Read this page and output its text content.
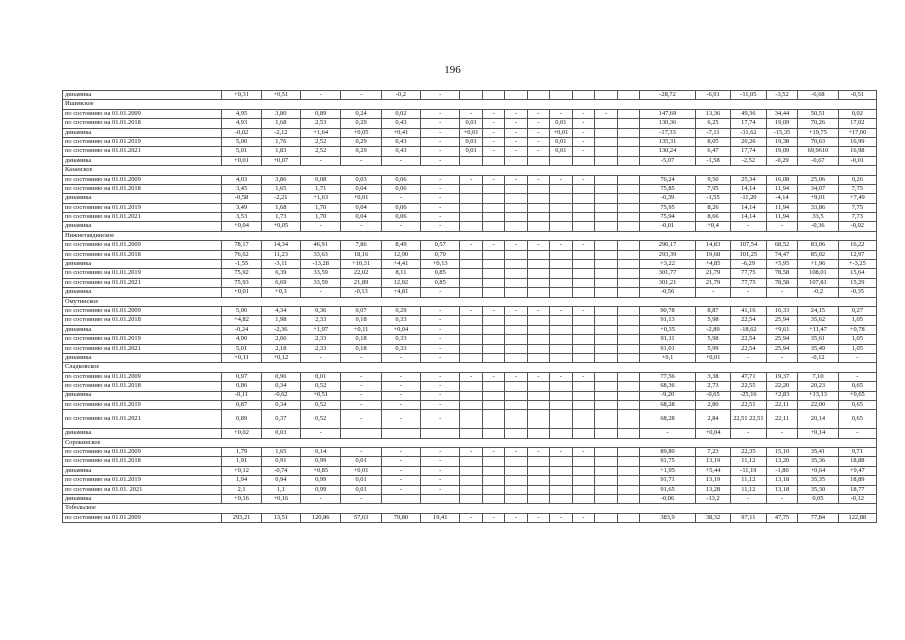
196
динамика	+0,31	+0,51	-	-	-0,2	-									-28,72	-6,91	-11,05	-3,52	-6,68	-0,51
Ишимское																				
по состоянию на 01.01.2009	4,95	3,80	0,89	0,24	0,02	-	-	-	-	-	-	-	-		147,69	13,36	49,36	34,44	50,51	0,02
по состоянию на 01.01.2018	4,93	1,68	2,53	0,29	0,43	-	0,01	-	-	-	0,01	-			130,36	6,25	17,74	19,09	70,26	17,02
динамика	-0,02	-2,12	+1,64	+0,05	+0,41	-	+0,01	-	-	-	+0,01	-			-17,33	-7,11	-31,62	-15,35	+19,75	+17,00
по состоянию на 01.01.2019	5,00	1,76	2,52	0,29	0,43	-	0,01	-	-	-	0,01	-			135,31	8,05	20,26	19,38	70,63	16,99
по состоянию на 01.01.2021	5,01	1,83	2,52	0,29	0,43	-	0,01	-	-	-	0,01	-			130,24	6,47	17,74	19,09	69,9610	16,98
динамика	+0,01	+0,07	-	-	-	-									-5,07	-1,58	-2,52	-0,29	-0,67	-0,01
Казанское																				
по состоянию на 01.01.2009	4,03	3,86	0,08	0,03	0,06	-	-	-	-	-	-	-			76,24	9,50	25,34	16,08	25,06	0,26
по состоянию на 01.01.2018	3,45	1,65	1,71	0,04	0,06	-									75,85	7,95	14,14	11,94	34,07	7,75
динамика	-0,58	-2,21	+1,63	+0,01	-	-									-0,39	-1,55	-11,20	-4,14	+9,01	+7,49
по состоянию на 01.01.2019	3,49	1,68	1,70	0,04	0,06	-									75,95	8,26	14,14	11,94	33,86	7,75
по состоянию на 01.01.2021	3,53	1,73	1,70	0,04	0,06	-									75,94	8,66	14,14	11,94	33,5	7,73
динамика	+0,04	+0,05	-	-	-	-									-0,01	+0,4	-	-	-0,36	-0,02
Нижнетавдинское																				
по состоянию на 01.01.2009	78,17	14,34	46,91	7,86	8,49	0,57	-	-	-	-	-	-			290,17	14,83	107,54	68,52	83,06	16,22
по состоянию на 01.01.2018	76,62	11,23	33,63	18,16	12,90	0,70									293,39	19,68	101,25	74,47	85,02	12,97
динамика	-1,55	-3,11	-13,28	+10,31	+4,41	+0,13									+3,22	+4,85	-6,29	+5,95	+1,96	+-3,25
по состоянию на 01.01.2019	75,92	6,39	33,59	22,02	8,11	0,85									301,77	21,79	77,75	78,58	108,01	15,64
по состоянию на 01.01.2021	75,93	6,69	33,59	21,89	12,92	0,85									301,21	21,79	77,75	78,58	107,81	15,29
динамика	+0,01	+0,3	-	-0,13	+4,81	-									-0,56	-	-	-	-0,2	-0,35
Омутинское																				
по состоянию на 01.01.2009	5,06	4,34	0,36	0,07	0,29	-	-	-	-	-	-	-			90,78	8,87	41,16	16,33	24,15	0,27
по состоянию на 01.01.2018	+4,82	1,98	2,33	0,18	0,33	-									91,13	5,98	22,54	25,94	35,62	1,05
динамика	-0,24	-2,36	+1,97	+0,11	+0,04	-									+0,35	-2,89	-18,62	+9,61	+11,47	+0,78
по состоянию на 01.01.2019	4,90	2,06	2,33	0,18	0,33	-									91,11	5,98	22,54	25,94	35,61	1,05
по состоянию на 01.01.2021	5,01	2,18	2,33	0,18	0,33	-									91,01	5,99	22,54	25,94	35,49	1,05
динамика	+0,11	+0,12	-	-	-	-									+0,1	+0,01	-	-	-0,12	-
Сладковское																				
по состоянию на 01.01.2009	0,97	0,96	0,01	-	-	-	-	-	-	-	-	-			77,56	3,38	47,71	19,37	7,10	-
по состоянию на 01.01.2018	0,86	0,34	0,52	-	-	-									68,36	2,73	22,55	22,20	20,23	0,65
динамика	-0,11	-0,62	+0,51	-	-	-									-9,20	-0,65	-25,16	+2,83	+13,13	+0,65
по состоянию на 01.01.2019	0,87	0,34	0,52	-	-	-									68,28	2,80	22,51	22,11	22,00	0,65
по состоянию на 01.01.2021	0,89	0,37	0,52	-	-	-									68,28	2,84	22,51 22,51	22,11	20,14	0,65
динамика	+0,02	0,03	-												-	+0,04	-	-	+0,14	-
Сорокинское																				
по состоянию на 01.01.2009	1,79	1,65	0,14	-	-	-	-	-	-	-	-	-			89,80	7,23	22,35	15,10	35,41	9,71
по состоянию на 01.01.2018	1,91	0,91	0,99	0,01	-	-									91,75	13,19	11,12	13,20	35,36	18,88
динамика	+0,12	-0,74	+0,85	+0,01	-	-									+1,95	+5,44	-11,19	-1,80	+0,64	+9,47
по состоянию на 01.01.2019	1,94	0,94	0,99	0,01	-	-									91,71	13,19	11,12	13,18	35,35	18,89
по состоянию на 01.01. 2021	2,1	1,1	0,99	0,01	-	-									91,65	13,28	11,12	13,18	35,30	18,77
динамика	+0,16	+0,16	-	-											-0,06	-13,2	-	-	0,05	-0,12
Тобольское																				
по состоянию на 01.01.2009	293,21	13,51	120,86	57,63	79,80	19,41	-	-	-	-	-	-			383,9	38,32	97,11	47,75	77,84	122,88
